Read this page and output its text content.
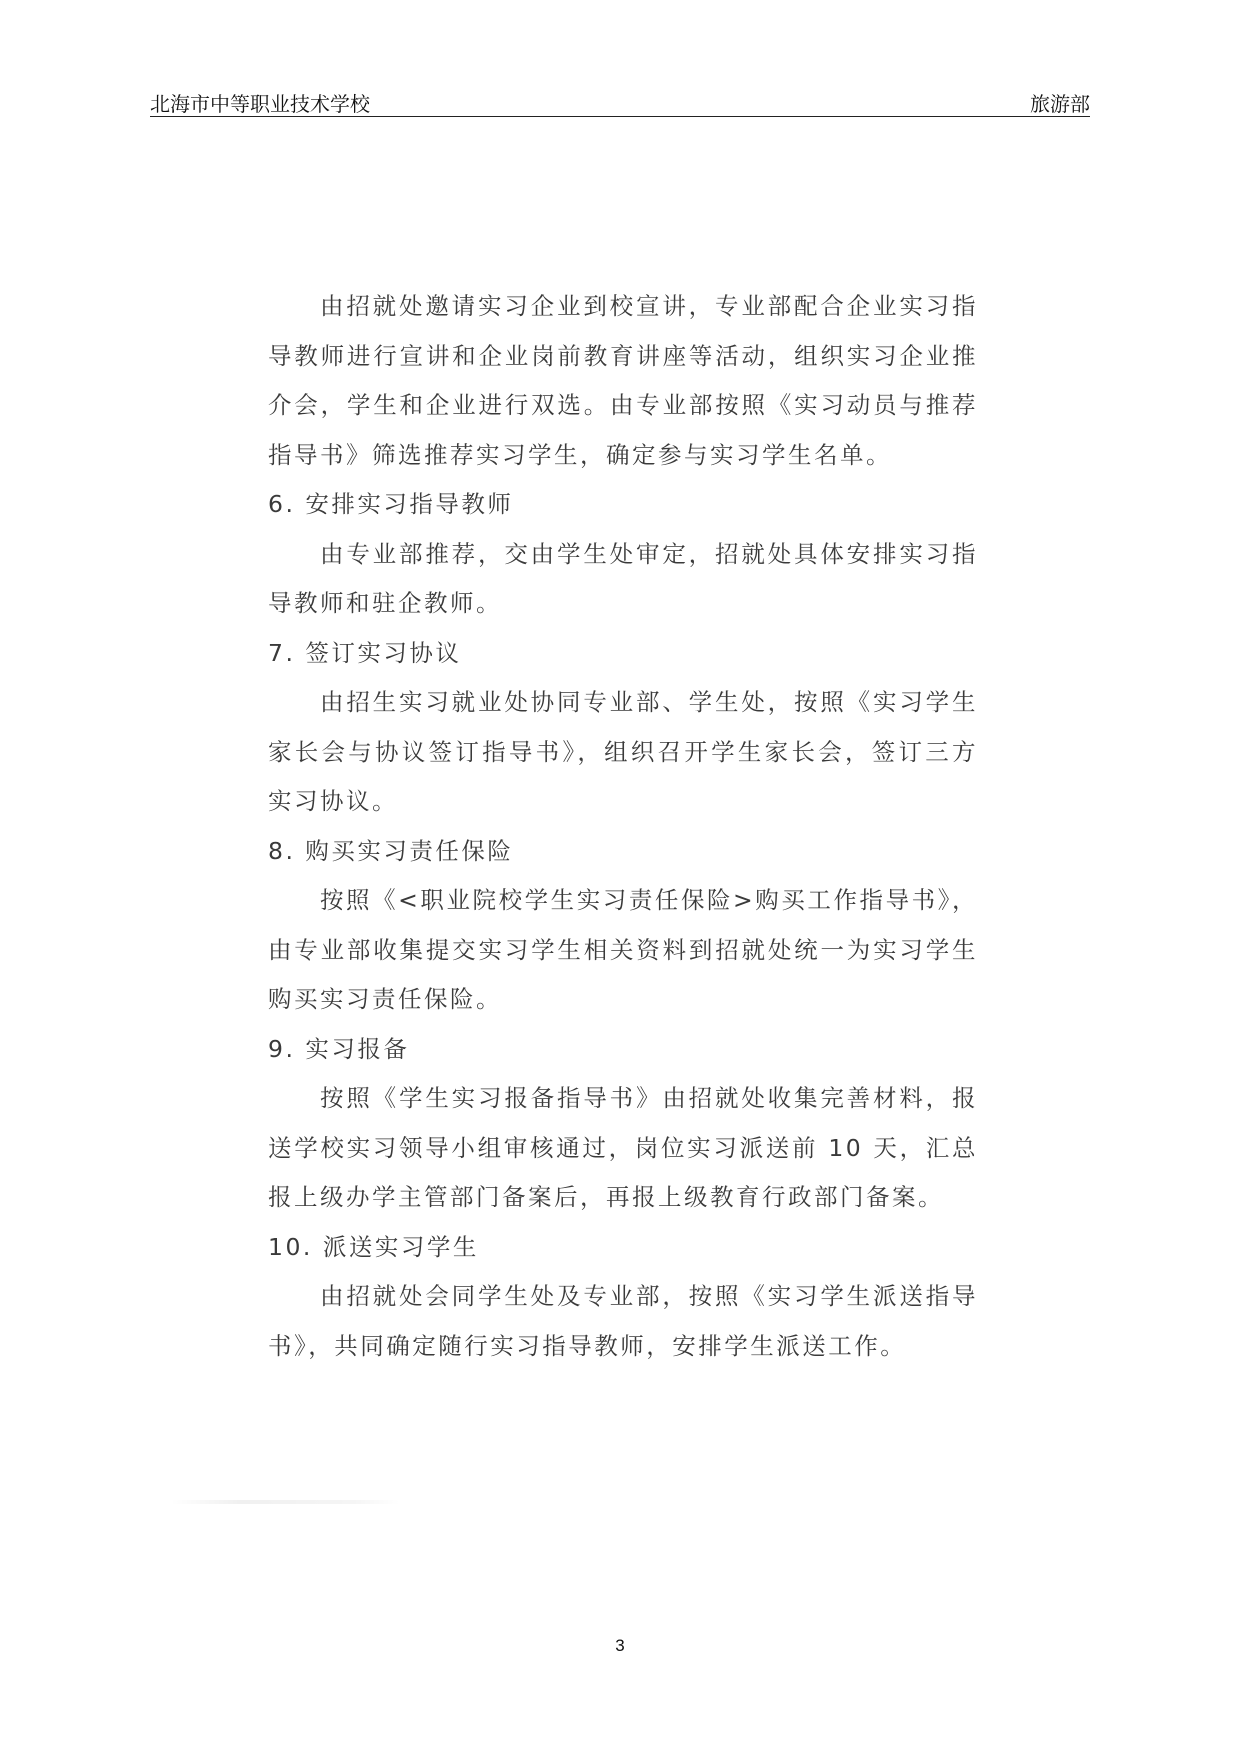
北海市中等职业技术学校	旅游部

由招就处邀请实习企业到校宣讲，专业部配合企业实习指导教师进行宣讲和企业岗前教育讲座等活动，组织实习企业推介会，学生和企业进行双选。由专业部按照《实习动员与推荐指导书》筛选推荐实习学生，确定参与实习学生名单。

6. 安排实习指导教师

由专业部推荐，交由学生处审定，招就处具体安排实习指导教师和驻企教师。

7. 签订实习协议

由招生实习就业处协同专业部、学生处，按照《实习学生家长会与协议签订指导书》，组织召开学生家长会，签订三方实习协议。

8. 购买实习责任保险

按照《<职业院校学生实习责任保险>购买工作指导书》，由专业部收集提交实习学生相关资料到招就处统一为实习学生购买实习责任保险。

9. 实习报备

按照《学生实习报备指导书》由招就处收集完善材料，报送学校实习领导小组审核通过，岗位实习派送前 10 天，汇总报上级办学主管部门备案后，再报上级教育行政部门备案。

10. 派送实习学生

由招就处会同学生处及专业部，按照《实习学生派送指导书》，共同确定随行实习指导教师，安排学生派送工作。

3
